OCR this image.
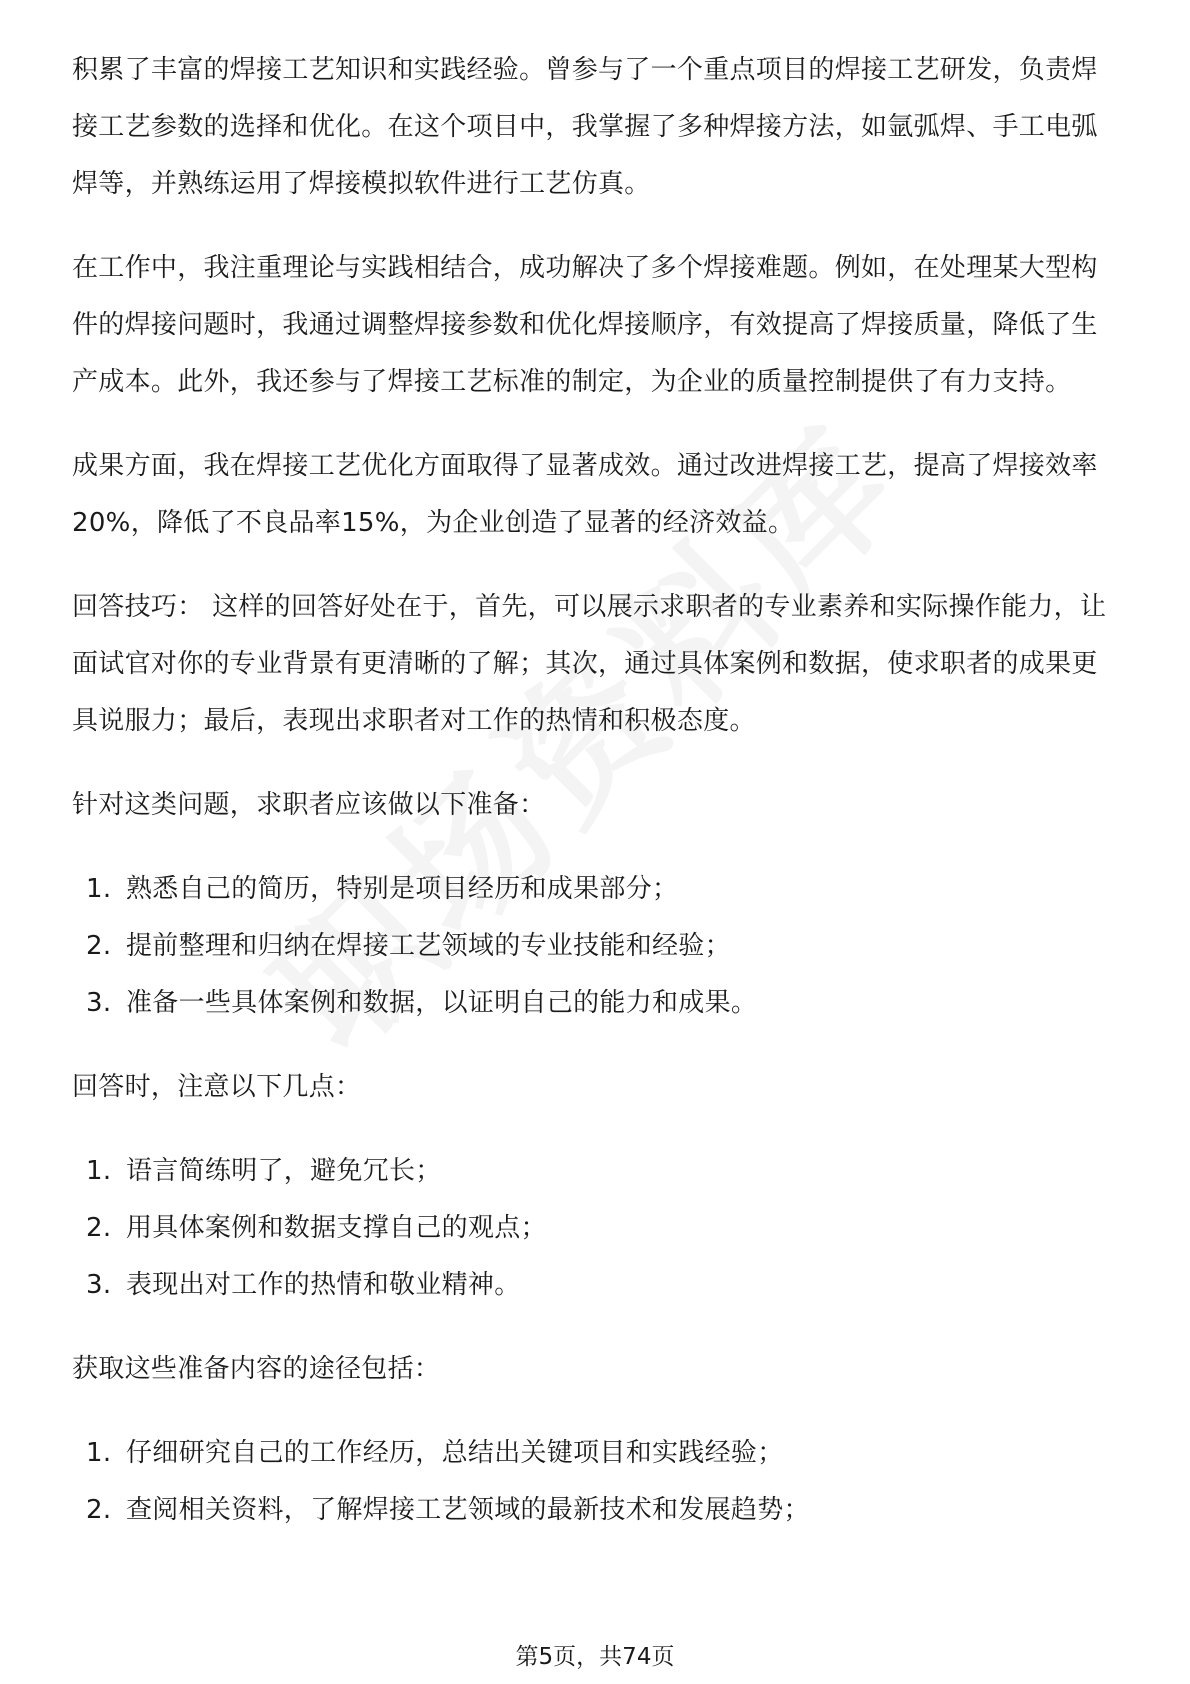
积累了丰富的焊接工艺知识和实践经验。曾参与了一个重点项目的焊接工艺研发，负责焊接工艺参数的选择和优化。在这个项目中，我掌握了多种焊接方法，如氩弧焊、手工电弧焊等，并熟练运用了焊接模拟软件进行工艺仿真。

在工作中，我注重理论与实践相结合，成功解决了多个焊接难题。例如，在处理某大型构件的焊接问题时，我通过调整焊接参数和优化焊接顺序，有效提高了焊接质量，降低了生产成本。此外，我还参与了焊接工艺标准的制定，为企业的质量控制提供了有力支持。

成果方面，我在焊接工艺优化方面取得了显著成效。通过改进焊接工艺，提高了焊接效率20%，降低了不良品率15%，为企业创造了显著的经济效益。

回答技巧： 这样的回答好处在于，首先，可以展示求职者的专业素养和实际操作能力，让面试官对你的专业背景有更清晰的了解；其次，通过具体案例和数据，使求职者的成果更具说服力；最后，表现出求职者对工作的热情和积极态度。

针对这类问题，求职者应该做以下准备：

1. 熟悉自己的简历，特别是项目经历和成果部分；
2. 提前整理和归纳在焊接工艺领域的专业技能和经验；
3. 准备一些具体案例和数据，以证明自己的能力和成果。

回答时，注意以下几点：

1. 语言简练明了，避免冗长；
2. 用具体案例和数据支撑自己的观点；
3. 表现出对工作的热情和敬业精神。

获取这些准备内容的途径包括：

1. 仔细研究自己的工作经历，总结出关键项目和实践经验；
2. 查阅相关资料，了解焊接工艺领域的最新技术和发展趋势；
第5页，共74页
